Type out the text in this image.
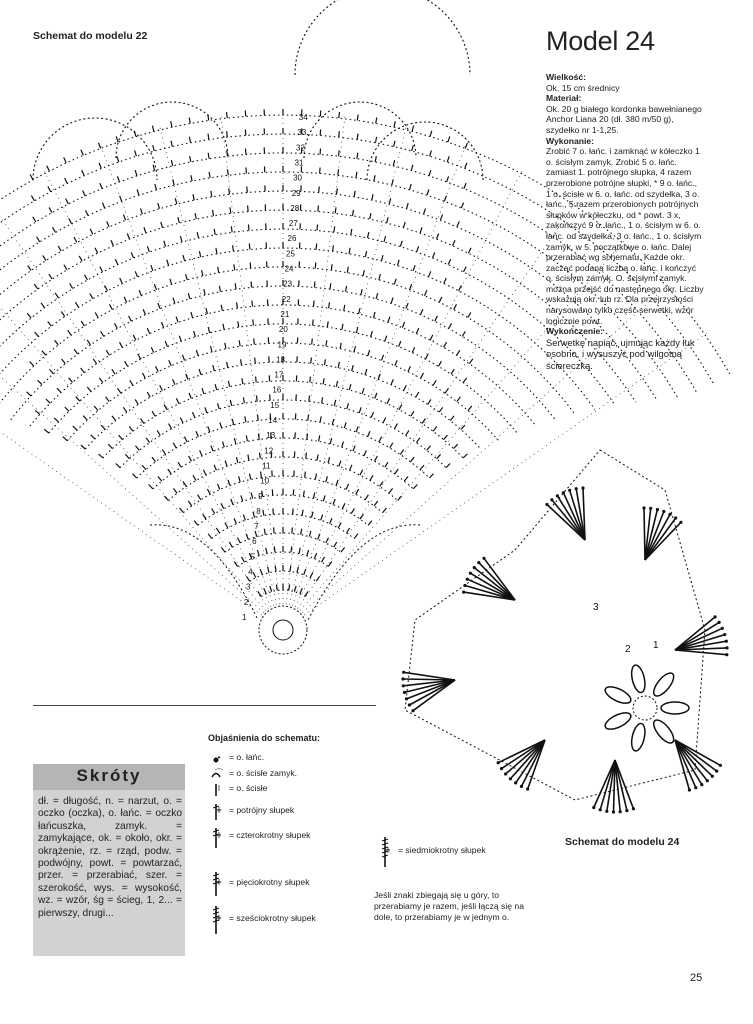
Schemat do modelu 22	Model 24
Wielkość:
Ok. 15 cm średnicy
Materiał:
Ok. 20 g białego kordonka bawełnianego Anchor Liana 20 (dł. 380 m/50 g), szydełko nr 1-1,25.
Wykonanie:
Zrobić 7 o. łańc. i zamknąć w kółeczko 1 o. ścisłym zamyk. Zrobić 5 o. łańc. zamiast 1. potrójnego słupka, 4 razem przerobione potrójne słupki, * 9 o. łańc., 1 o. ścisłe w 6. o. łańc. od szydełka, 3 o. łańc., 5 razem przerobionych potrójnych słupków w kółeczku, od * powt. 3 x, zakończyć 9 o. łańc., 1 o. ścisłym w 6. o. łańc. od szydełka, 3 o. łańc., 1 o. ścisłym zamyk. w 5. początkowe o. łańc. Dalej przerabiać wg schematu. Każde okr. zacząć podaną liczbą o. łańc. i kończyć o. ścisłym zamyk. O. ścisłymi zamyk. można przejść do następnego okr. Liczby wskazują okr. lub rz. Dla przejrzystości narysowano tylko część serwetki, wzór logicznie powt.
Wykończenie:
Serwetkę napiąć, ujmując każdy łuk osobno, i wysuszyć pod wilgotną ściereczką.
34
33
32
31
30
29
28
27
26
25
24
23
22
21
20
19
18
17
16
15
14
13
12
11
10
9
8
7
6
5
4
3
2
1
1
2
3
Objaśnienia do schematu:
• = o. łańc.
⌒ = o. ścisłe zamyk.
ǀ	= o. ścisłe
ǂ = potrójny słupek
ǂ = czterokrotny słupek
ǂ = pięciokrotny słupek
ǂ = sześciokrotny słupek
ǂ = siedmiokrotny słupek
Jeśli znaki zbiegają się u góry, to przerabiamy je razem, jeśli łączą się na dole, to przerabiamy je w jednym o.
Skróty
dł. = długość, n. = narzut, o. = oczko (oczka), o. łańc. = oczko łańcuszka, zamyk. = zamykające, ok. = około, okr. = okrążenie, rz. = rząd, podw. = podwójny, powt. = powtarzać, przer. = przerabiać, szer. = szerokość, wys. = wysokość, wz. = wzór, śg = ścieg, 1, 2... = pierwszy, drugi...
Schemat do modelu 24
25
